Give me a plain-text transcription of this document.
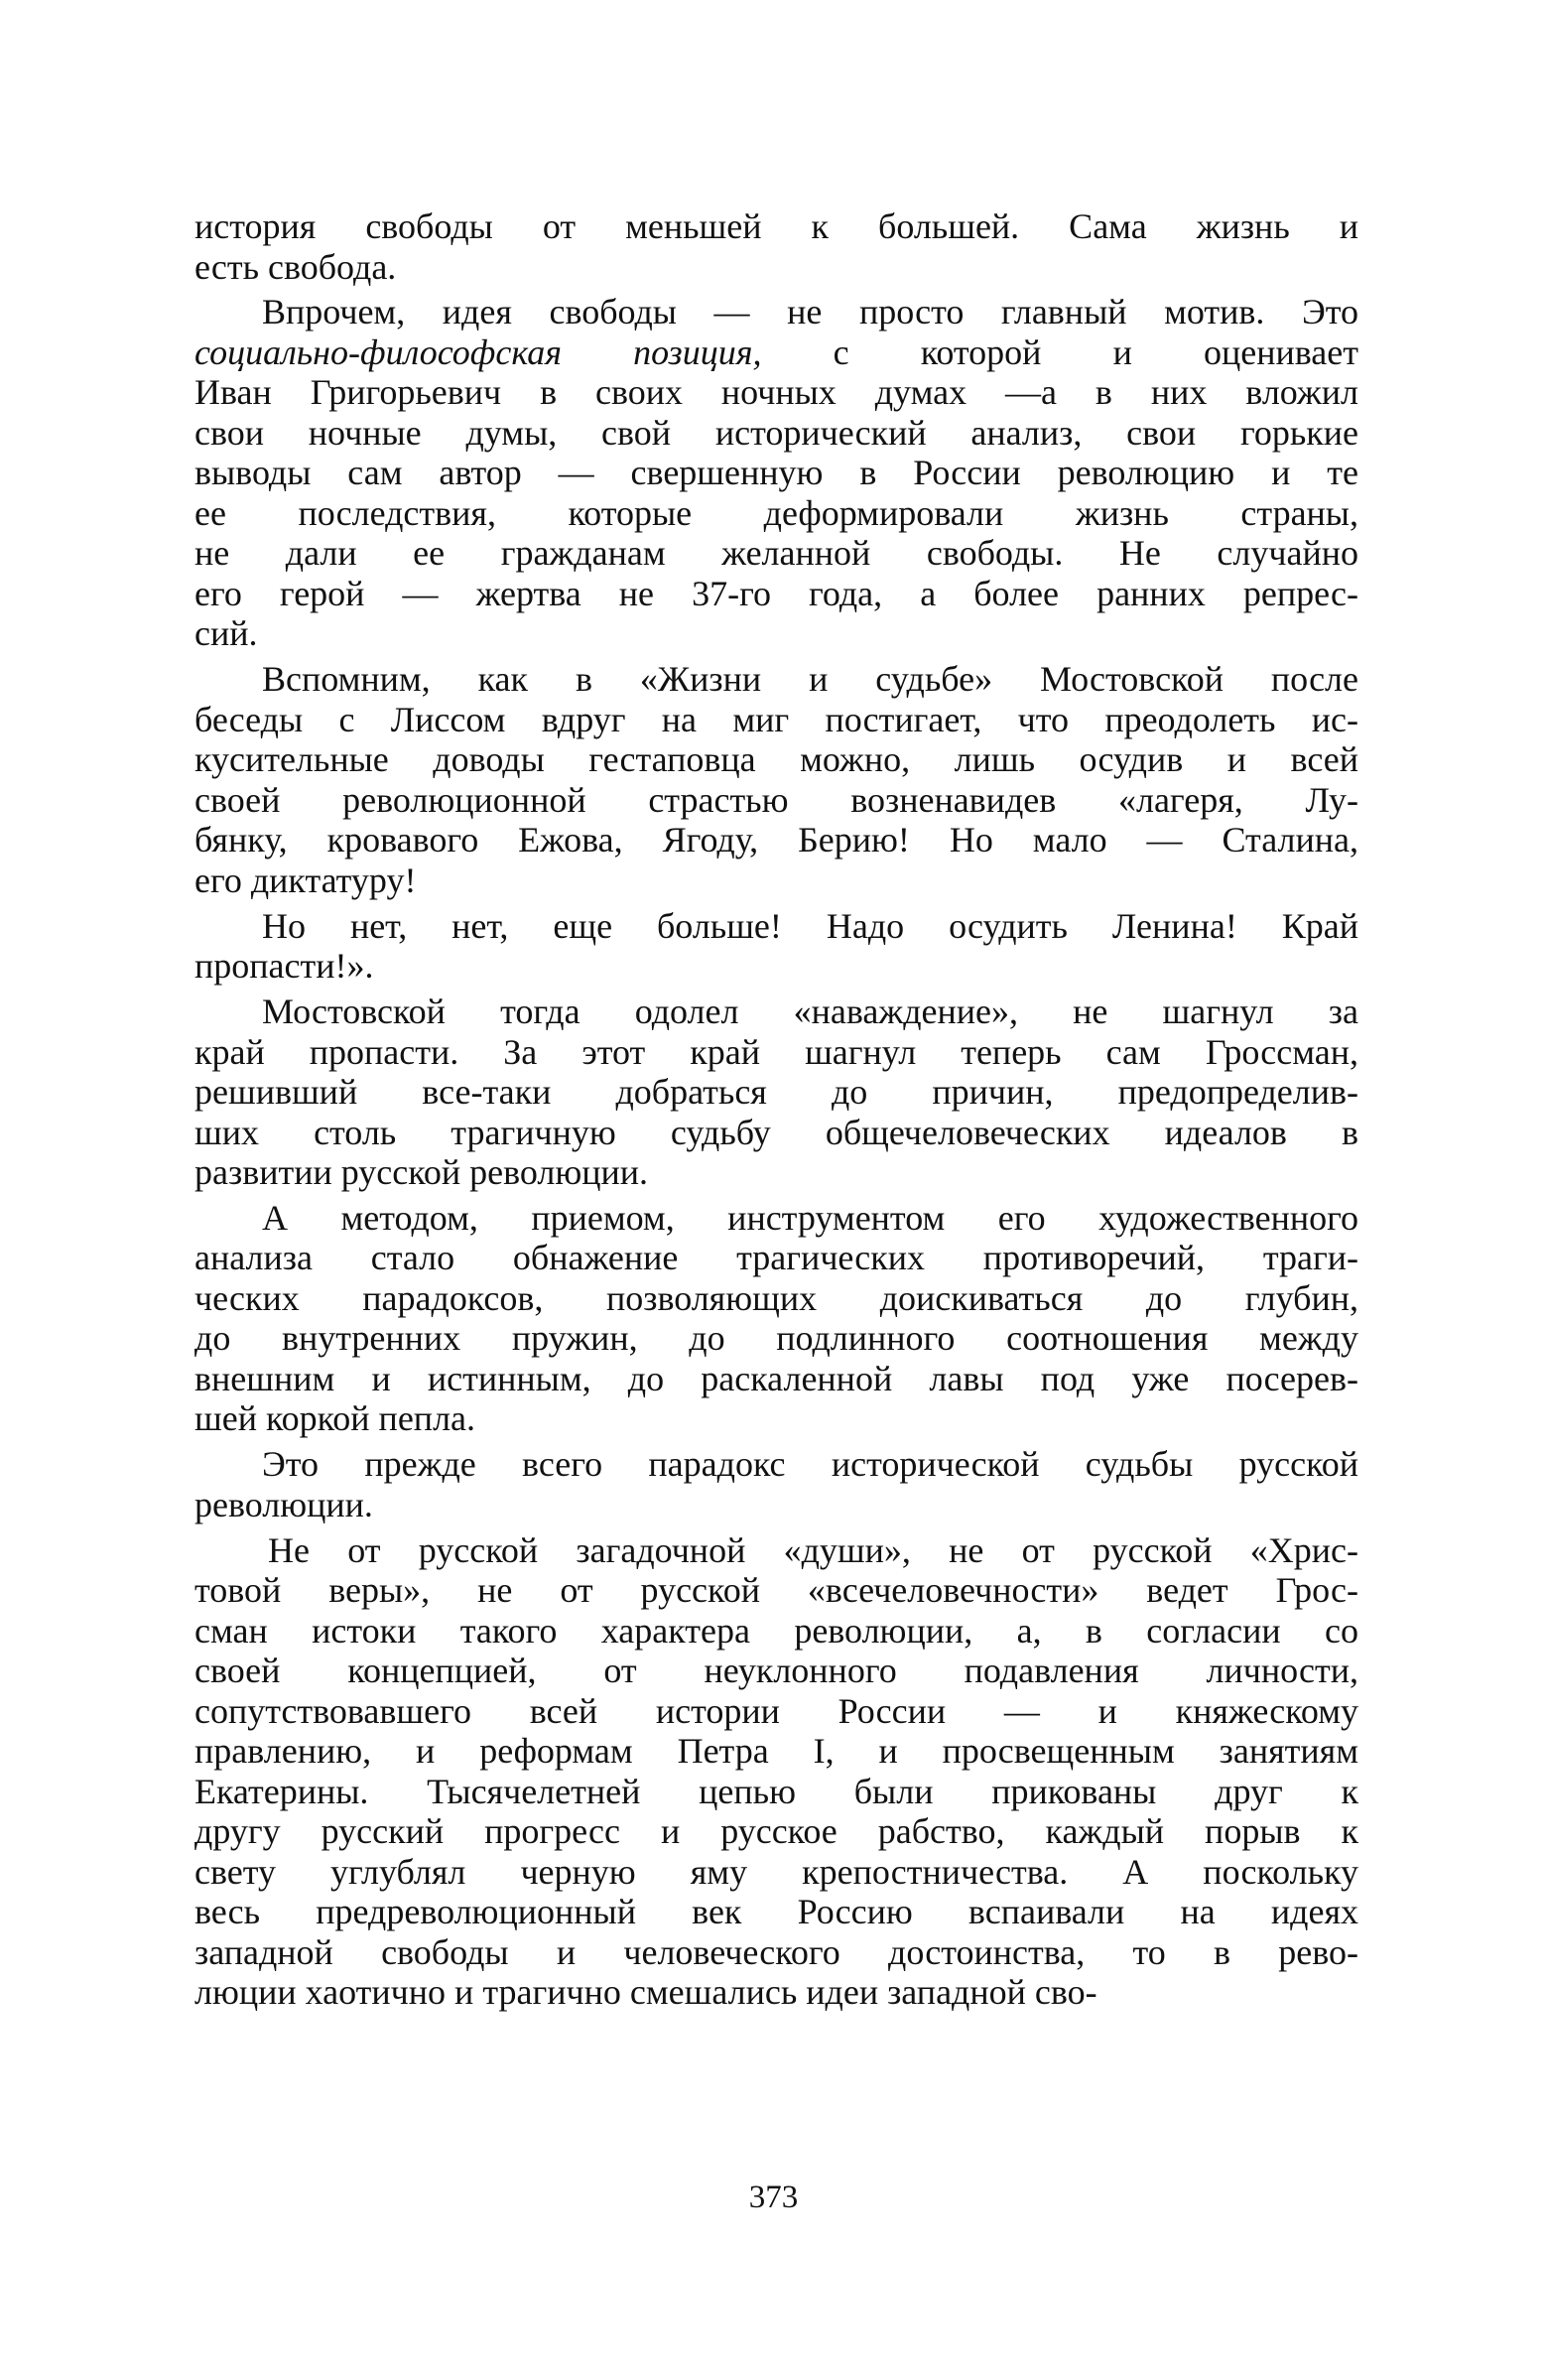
история свободы от меньшей к большей. Сама жизнь и
есть свобода.
Впрочем, идея свободы — не просто главный мотив. Это
социально-философская позиция, с которой и оценивает
Иван Григорьевич в своих ночных думах —а в них вложил
свои ночные думы, свой исторический анализ, свои горькие
выводы сам автор — свершенную в России революцию и те
ее последствия, которые деформировали жизнь страны,
не дали ее гражданам желанной свободы. Не случайно
его герой — жертва не 37-го года, а более ранних репрес-
сий.
Вспомним, как в «Жизни и судьбе» Мостовской после
беседы с Лиссом вдруг на миг постигает, что преодолеть ис-
кусительные доводы гестаповца можно, лишь осудив и всей
своей революционной страстью возненавидев «лагеря, Лу-
бянку, кровавого Ежова, Ягоду, Берию! Но мало — Сталина,
его диктатуру!
Но нет, нет, еще больше! Надо осудить Ленина! Край
пропасти!».
Мостовской тогда одолел «наваждение», не шагнул за
край пропасти. За этот край шагнул теперь сам Гроссман,
решивший все-таки добраться до причин, предопределив-
ших столь трагичную судьбу общечеловеческих идеалов в
развитии русской революции.
А методом, приемом, инструментом его художественного
анализа стало обнажение трагических противоречий, траги-
ческих парадоксов, позволяющих доискиваться до глубин,
до внутренних пружин, до подлинного соотношения между
внешним и истинным, до раскаленной лавы под уже посерев-
шей коркой пепла.
Это прежде всего парадокс исторической судьбы русской
революции.
Не от русской загадочной «души», не от русской «Хрис-
товой веры», не от русской «всечеловечности» ведет Грос-
сман истоки такого характера революции, а, в согласии со
своей концепцией, от неуклонного подавления личности,
сопутствовавшего всей истории России — и княжескому
правлению, и реформам Петра I, и просвещенным занятиям
Екатерины. Тысячелетней цепью были прикованы друг к
другу русский прогресс и русское рабство, каждый порыв к
свету углублял черную яму крепостничества. А поскольку
весь предреволюционный век Россию вспаивали на идеях
западной свободы и человеческого достоинства, то в рево-
люции хаотично и трагично смешались идеи западной сво-
373
